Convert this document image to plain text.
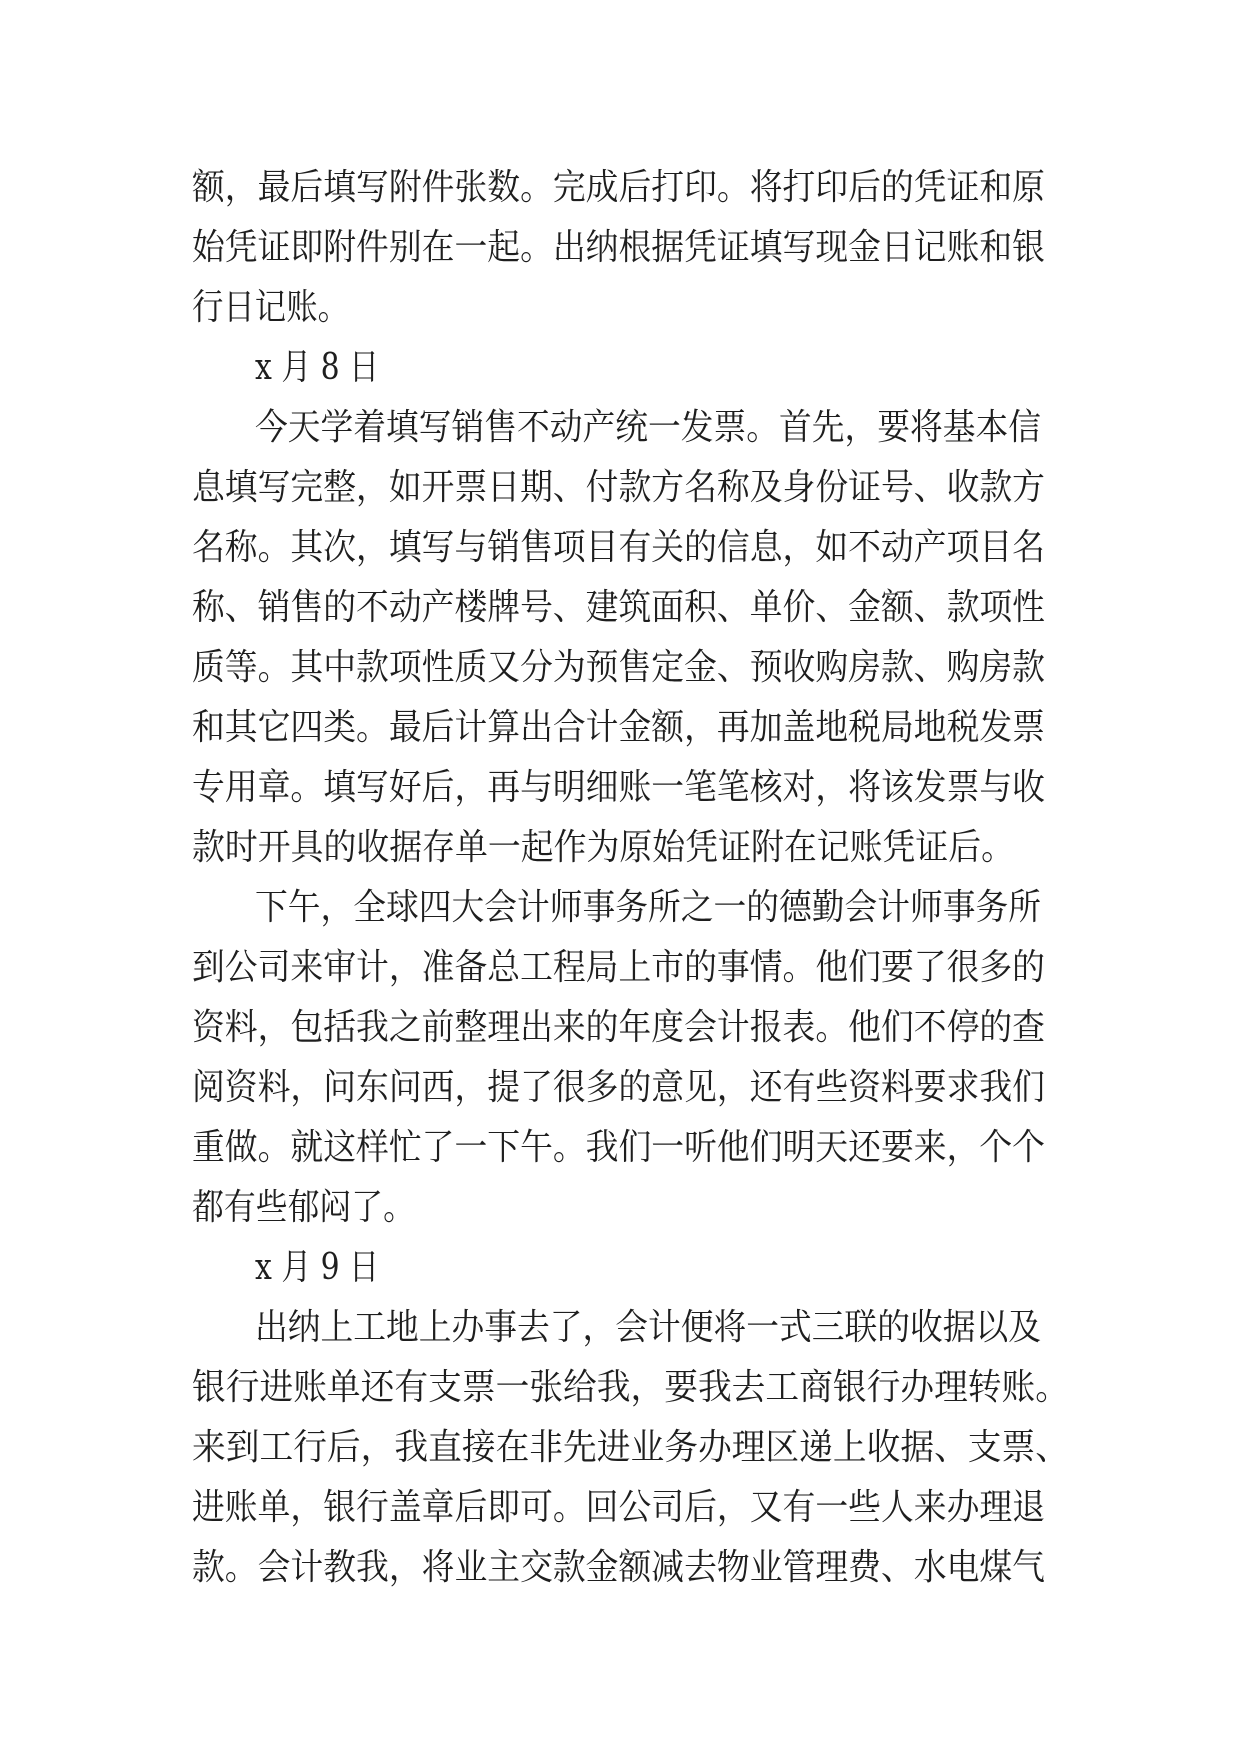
额，最后填写附件张数。完成后打印。将打印后的凭证和原
始凭证即附件别在一起。出纳根据凭证填写现金日记账和银
行日记账。
x 月 8 日
今天学着填写销售不动产统一发票。首先，要将基本信
息填写完整，如开票日期、付款方名称及身份证号、收款方
名称。其次，填写与销售项目有关的信息，如不动产项目名
称、销售的不动产楼牌号、建筑面积、单价、金额、款项性
质等。其中款项性质又分为预售定金、预收购房款、购房款
和其它四类。最后计算出合计金额，再加盖地税局地税发票
专用章。填写好后，再与明细账一笔笔核对，将该发票与收
款时开具的收据存单一起作为原始凭证附在记账凭证后。
下午，全球四大会计师事务所之一的德勤会计师事务所
到公司来审计，准备总工程局上市的事情。他们要了很多的
资料，包括我之前整理出来的年度会计报表。他们不停的查
阅资料，问东问西，提了很多的意见，还有些资料要求我们
重做。就这样忙了一下午。我们一听他们明天还要来，个个
都有些郁闷了。
x 月 9 日
出纳上工地上办事去了，会计便将一式三联的收据以及
银行进账单还有支票一张给我，要我去工商银行办理转账。
来到工行后，我直接在非先进业务办理区递上收据、支票、
进账单，银行盖章后即可。回公司后，又有一些人来办理退
款。会计教我，将业主交款金额减去物业管理费、水电煤气
